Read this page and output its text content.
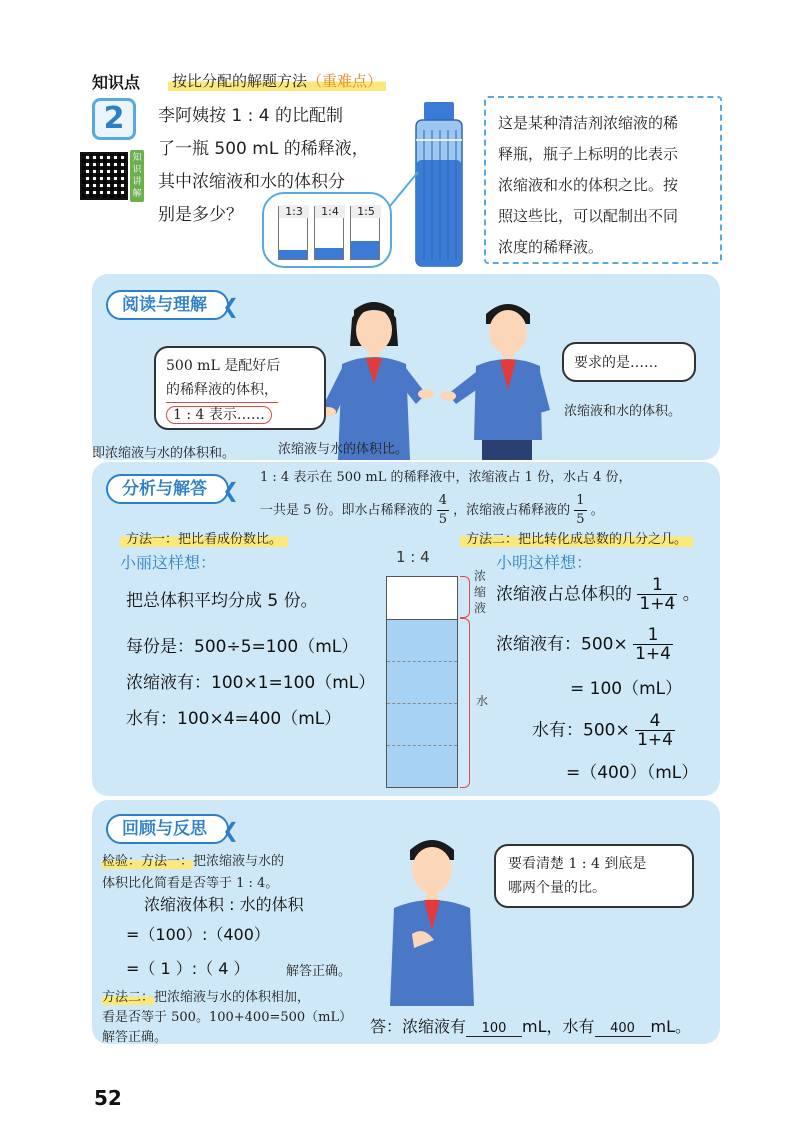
知识点 按比分配的解题方法（重难点）
2
知识讲解
李阿姨按 1 : 4 的比配制
了一瓶 500 mL 的稀释液，
其中浓缩液和水的体积分
别是多少？	1:3	1:4	1:5
这是某种清洁剂浓缩液的稀
释瓶，瓶子上标明的比表示
浓缩液和水的体积之比。按
照这些比，可以配制出不同
浓度的稀释液。
阅读与理解 ❮
500 mL 是配好后
的稀释液的体积，
1 : 4 表示……
即浓缩液与水的体积和。	浓缩液与水的体积比。
要求的是……
浓缩液和水的体积。
分析与解答 ❮
1 : 4 表示在 500 mL 的稀释液中，浓缩液占 1 份，水占 4 份，
一共是 5 份。即水占稀释液的 $\frac{4}{5}$ ，浓缩液占稀释液的 $\frac{1}{5}$ 。
方法一：把比看成份数比。
小丽这样想：
把总体积平均分成 5 份。
每份是：500÷5=100（mL）
浓缩液有：100×1=100（mL）
水有：100×4=400（mL）
1 : 4
浓缩液
水
方法二：把比转化成总数的几分之几。
小明这样想：
浓缩液占总体积的 $\frac{1}{1+4}$ 。
浓缩液有：$500\times \frac{1}{1+4}$
= 100（mL）
水有：$500\times \frac{4}{1+4}$
=（400）（mL）
回顾与反思 ❮
检验：方法一：把浓缩液与水的
体积比化简看是否等于 1 : 4。
浓缩液体积 : 水的体积
=（100）:（400）
=（ 1 ）:（ 4 ）	解答正确。
方法二：把浓缩液与水的体积相加，
看是否等于 500。100+400=500（mL）
解答正确。
要看清楚 1 : 4 到底是
哪两个量的比。
答：浓缩液有 100 mL，水有 400 mL。
52
